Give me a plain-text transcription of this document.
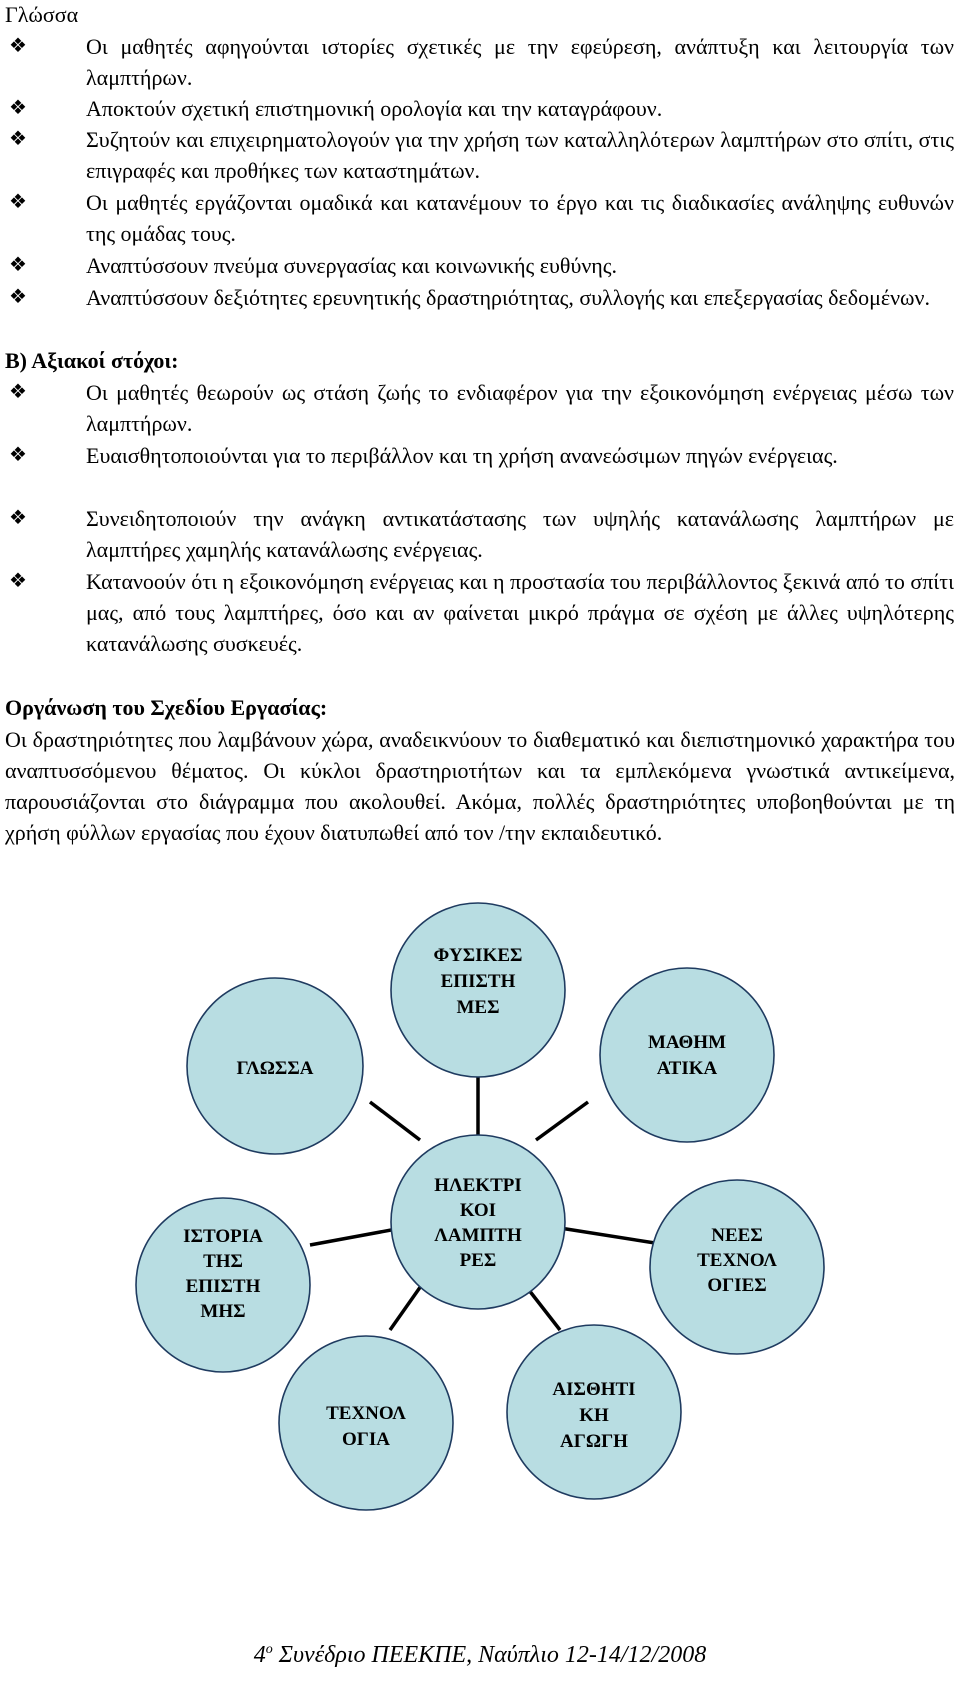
Γλώσσα
❖	Οι μαθητές αφηγούνται ιστορίες σχετικές με την εφεύρεση, ανάπτυξη και λειτουργία των λαμπτήρων.
❖	Αποκτούν σχετική επιστημονική ορολογία και την καταγράφουν.
❖	Συζητούν και επιχειρηματολογούν για την χρήση των καταλληλότερων λαμπτήρων στο σπίτι, στις επιγραφές και προθήκες των καταστημάτων.
❖	Οι μαθητές εργάζονται ομαδικά και κατανέμουν το έργο και τις διαδικασίες ανάληψης ευθυνών της ομάδας τους.
❖	Αναπτύσσουν πνεύμα συνεργασίας και κοινωνικής ευθύνης.
❖	Αναπτύσσουν δεξιότητες ερευνητικής δραστηριότητας, συλλογής και επεξεργασίας δεδομένων.
Β) Αξιακοί στόχοι:
❖	Οι μαθητές θεωρούν ως στάση ζωής το ενδιαφέρον για την εξοικονόμηση ενέργειας μέσω των λαμπτήρων.
❖	Ευαισθητοποιούνται για το περιβάλλον και τη χρήση ανανεώσιμων πηγών ενέργειας.
❖	Συνειδητοποιούν την ανάγκη αντικατάστασης των υψηλής κατανάλωσης λαμπτήρων με λαμπτήρες χαμηλής κατανάλωσης ενέργειας.
❖	Κατανοούν ότι η εξοικονόμηση ενέργειας και η προστασία του περιβάλλοντος ξεκινά από το σπίτι μας, από τους λαμπτήρες, όσο και αν φαίνεται μικρό πράγμα σε σχέση με άλλες υψηλότερης κατανάλωσης συσκευές.
Οργάνωση του Σχεδίου Εργασίας:
Οι δραστηριότητες που λαμβάνουν χώρα, αναδεικνύουν το διαθεματικό και διεπιστημονικό χαρακτήρα του αναπτυσσόμενου θέματος. Οι κύκλοι δραστηριοτήτων και τα εμπλεκόμενα γνωστικά αντικείμενα, παρουσιάζονται στο διάγραμμα που ακολουθεί. Ακόμα, πολλές δραστηριότητες υποβοηθούνται με τη χρήση φύλλων εργασίας που έχουν διατυπωθεί από τον /την εκπαιδευτικό.
ΦΥΣΙΚΕΣ
ΕΠΙΣΤΗ
ΜΕΣ
ΓΛΩΣΣΑ
ΜΑΘΗΜ
ΑΤΙΚΑ
ΗΛΕΚΤΡΙ
ΚΟΙ
ΛΑΜΠΤΗ
ΡΕΣ
ΙΣΤΟΡΙΑ
ΤΗΣ
ΕΠΙΣΤΗ
ΜΗΣ
ΝΕΕΣ
ΤΕΧΝΟΛ
ΟΓΙΕΣ
ΤΕΧΝΟΛ
ΟΓΙΑ
ΑΙΣΘΗΤΙ
ΚΗ
ΑΓΩΓΗ
$4^o$ Συνέδριο ΠΕΕΚΠΕ, Ναύπλιο 12-14/12/2008
